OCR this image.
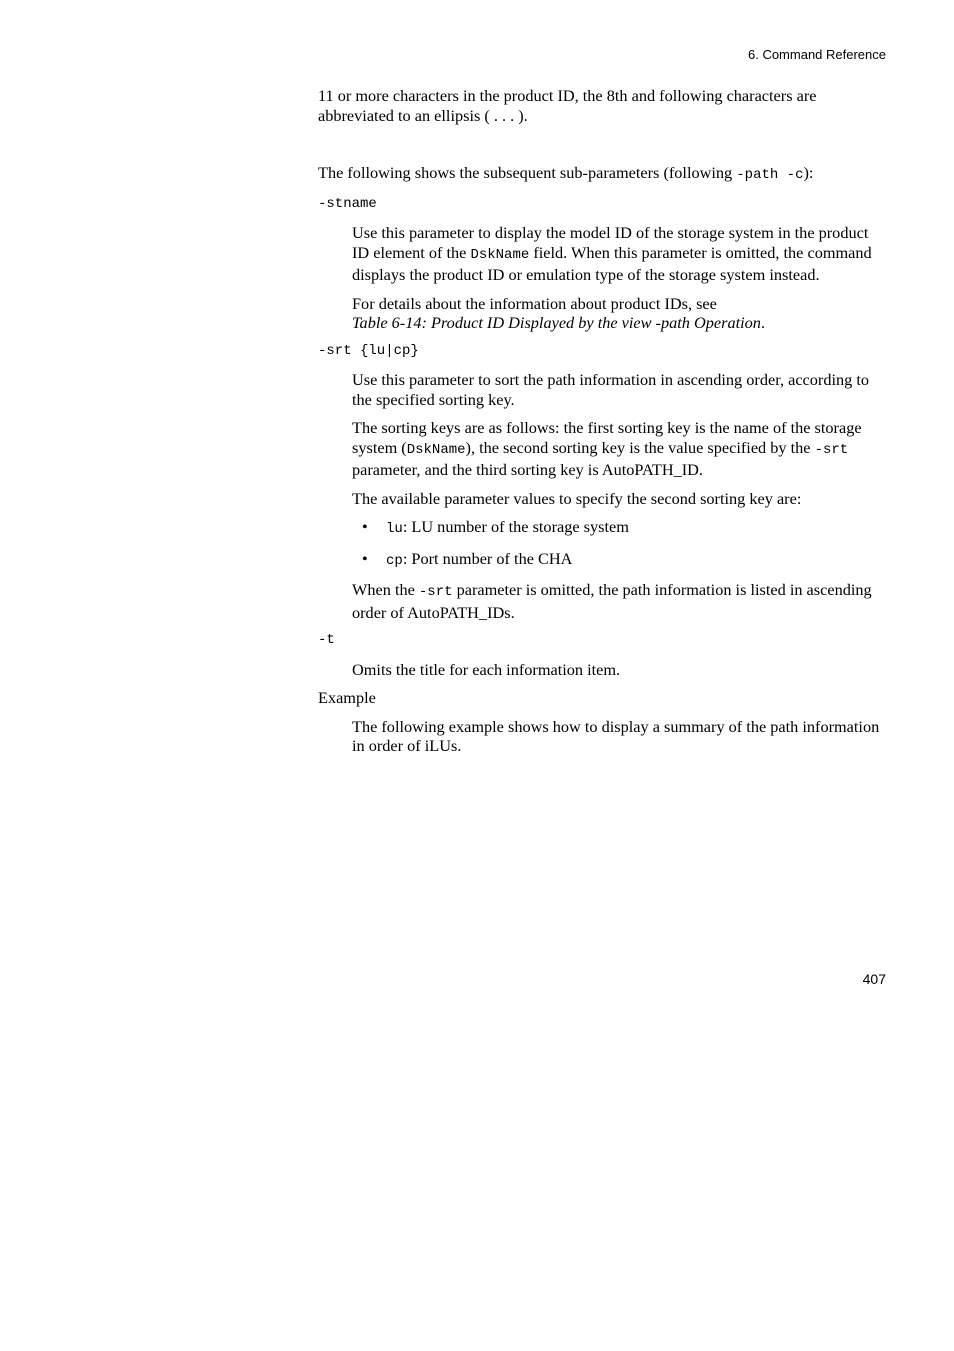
6. Command Reference

11 or more characters in the product ID, the 8th and following characters are abbreviated to an ellipsis ( . . . ).

The following shows the subsequent sub-parameters (following -path -c):

-stname

Use this parameter to display the model ID of the storage system in the product ID element of the DskName field. When this parameter is omitted, the command displays the product ID or emulation type of the storage system instead.

For details about the information about product IDs, see
Table 6-14: Product ID Displayed by the view -path Operation.

-srt {lu|cp}

Use this parameter to sort the path information in ascending order, according to the specified sorting key.

The sorting keys are as follows: the first sorting key is the name of the storage system (DskName), the second sorting key is the value specified by the -srt parameter, and the third sorting key is AutoPATH_ID.

The available parameter values to specify the second sorting key are:

• lu: LU number of the storage system
• cp: Port number of the CHA

When the -srt parameter is omitted, the path information is listed in ascending order of AutoPATH_IDs.

-t

Omits the title for each information item.

Example

The following example shows how to display a summary of the path information in order of iLUs.

407
